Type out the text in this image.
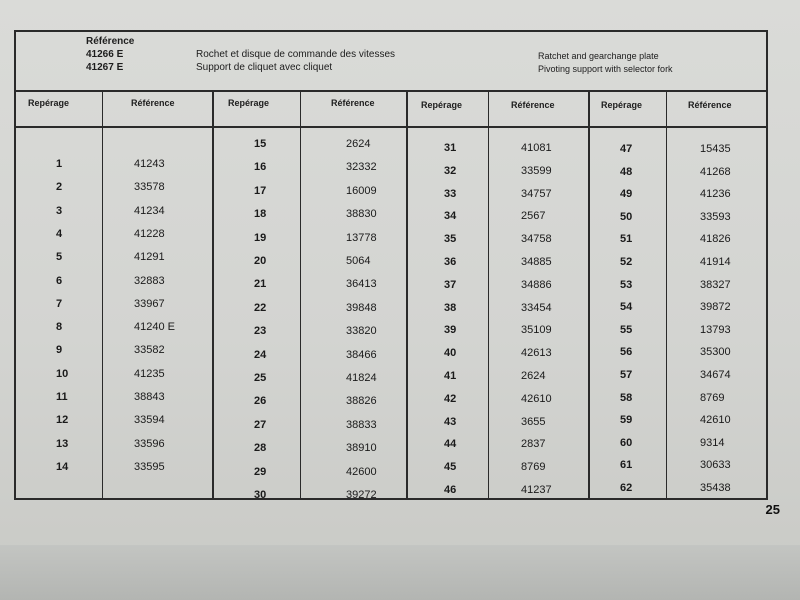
Référence
41266 E
41267 E
Rochet et disque de commande des vitesses
Support de cliquet avec cliquet
Ratchet and gearchange plate
Pivoting support with selector fork
Repérage	Référence	Repérage	Référence	Repérage	Référence	Repérage	Référence
1	41243
2	33578
3	41234
4	41228
5	41291
6	32883
7	33967
8	41240 E
9	33582
10	41235
11	38843
12	33594
13	33596
14	33595
15	2624
16	32332
17	16009
18	38830
19	13778
20	5064
21	36413
22	39848
23	33820
24	38466
25	41824
26	38826
27	38833
28	38910
29	42600
30	39272
31	41081
32	33599
33	34757
34	2567
35	34758
36	34885
37	34886
38	33454
39	35109
40	42613
41	2624
42	42610
43	3655
44	2837
45	8769
46	41237
47	15435
48	41268
49	41236
50	33593
51	41826
52	41914
53	38327
54	39872
55	13793
56	35300
57	34674
58	8769
59	42610
60	9314
61	30633
62	35438
25
